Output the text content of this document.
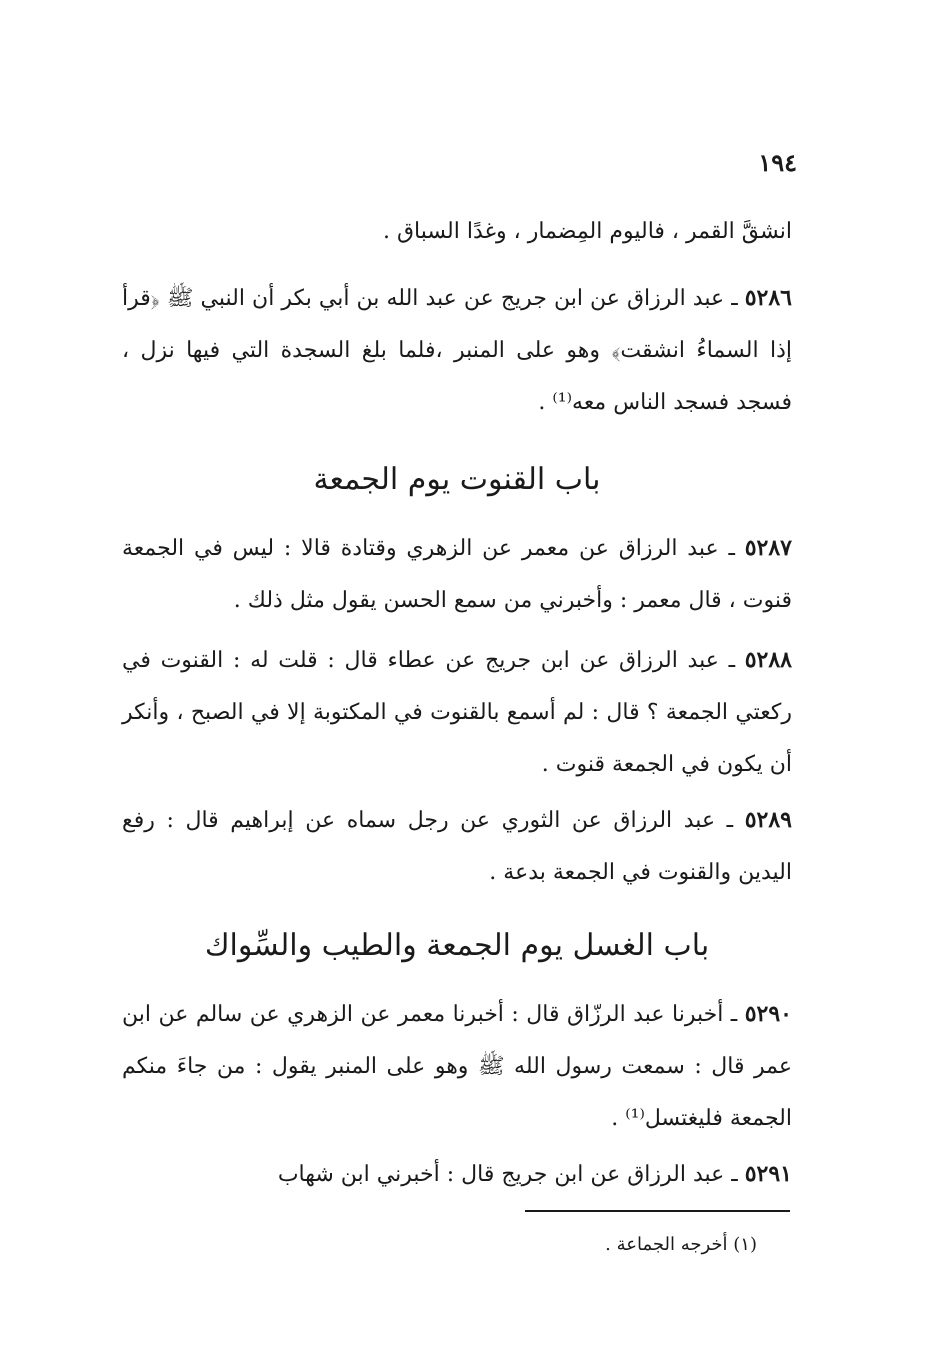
١٩٤
انشقَّ القمر ، فاليوم المِضمار ، وغدًا السباق .
٥٢٨٦ ـ عبد الرزاق عن ابن جريج عن عبد الله بن أبي بكر أن النبي ﷺ ﴿قرأ إذا السماءُ انشقت﴾ وهو على المنبر ،فلما بلغ السجدة التي فيها نزل ، فسجد فسجد الناس معه⁽¹⁾ .
باب القنوت يوم الجمعة
٥٢٨٧ ـ عبد الرزاق عن معمر عن الزهري وقتادة قالا : ليس في الجمعة قنوت ، قال معمر : وأخبرني من سمع الحسن يقول مثل ذلك .
٥٢٨٨ ـ عبد الرزاق عن ابن جريج عن عطاء قال : قلت له : القنوت في ركعتي الجمعة ؟ قال : لم أسمع بالقنوت في المكتوبة إلا في الصبح ، وأنكر أن يكون في الجمعة قنوت .
٥٢٨٩ ـ عبد الرزاق عن الثوري عن رجل سماه عن إبراهيم قال : رفع اليدين والقنوت في الجمعة بدعة .
باب الغسل يوم الجمعة والطيب والسِّواك
٥٢٩٠ ـ أخبرنا عبد الرزّاق قال : أخبرنا معمر عن الزهري عن سالم عن ابن عمر قال : سمعت رسول الله ﷺ وهو على المنبر يقول : من جاءَ منكم الجمعة فليغتسل⁽¹⁾ .
٥٢٩١ ـ عبد الرزاق عن ابن جريج قال : أخبرني ابن شهاب
(١) أخرجه الجماعة .
